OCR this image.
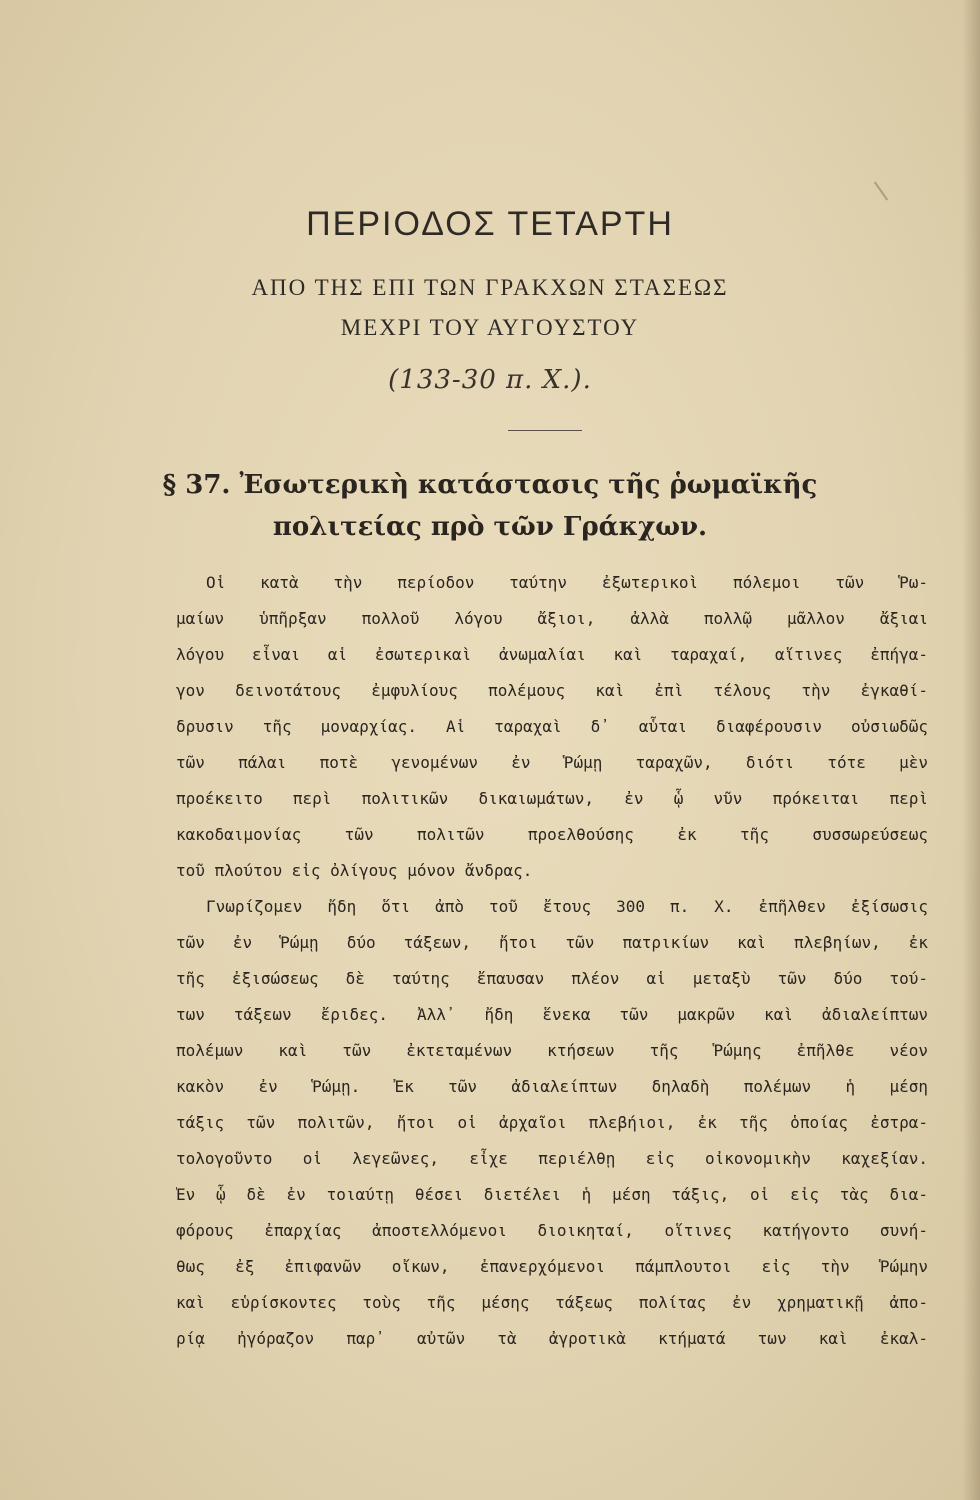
ΠΕΡΙΟΔΟΣ ΤΕΤΑΡΤΗ
ΑΠΟ ΤΗΣ ΕΠΙ ΤΩΝ ΓΡΑΚΧΩΝ ΣΤΑΣΕΩΣ
ΜΕΧΡΙ ΤΟΥ ΑΥΓΟΥΣΤΟΥ
(133-30 π. Χ.).
§ 37. Ἐσωτερικὴ κατάστασις τῆς ῥωμαϊκῆς
πολιτείας πρὸ τῶν Γράκχων.
Οἱ κατὰ τὴν περίοδον ταύτην ἐξωτερικοὶ πόλεμοι τῶν Ῥω-
μαίων ὑπῆρξαν πολλοῦ λόγου ἄξιοι, ἀλλὰ πολλῷ μᾶλλον ἄξιαι
λόγου εἶναι αἱ ἐσωτερικαὶ ἀνωμαλίαι καὶ ταραχαί, αἵτινες ἐπήγα-
γον δεινοτάτους ἐμφυλίους πολέμους καὶ ἐπὶ τέλους τὴν ἐγκαθί-
δρυσιν τῆς μοναρχίας. Αἱ ταραχαὶ δ᾿ αὗται διαφέρουσιν οὐσιωδῶς
τῶν πάλαι ποτὲ γενομένων ἐν Ῥώμῃ ταραχῶν, διότι τότε μὲν
προέκειτο περὶ πολιτικῶν δικαιωμάτων, ἐν ᾧ νῦν πρόκειται περὶ
κακοδαιμονίας τῶν πολιτῶν προελθούσης ἐκ τῆς συσσωρεύσεως
τοῦ πλούτου εἰς ὀλίγους μόνον ἄνδρας.
Γνωρίζομεν ἤδη ὅτι ἀπὸ τοῦ ἔτους 300 π. Χ. ἐπῆλθεν ἐξίσωσις
τῶν ἐν Ῥώμῃ δύο τάξεων, ἤτοι τῶν πατρικίων καὶ πλεβηίων, ἐκ
τῆς ἐξισώσεως δὲ ταύτης ἔπαυσαν πλέον αἱ μεταξὺ τῶν δύο τού-
των τάξεων ἔριδες. Ἀλλ᾿ ἤδη ἕνεκα τῶν μακρῶν καὶ ἀδιαλείπτων
πολέμων καὶ τῶν ἐκτεταμένων κτήσεων τῆς Ῥώμης ἐπῆλθε νέον
κακὸν ἐν Ῥώμῃ. Ἐκ τῶν ἀδιαλείπτων δηλαδὴ πολέμων ἡ μέση
τάξις τῶν πολιτῶν, ἤτοι οἱ ἀρχαῖοι πλεβήιοι, ἐκ τῆς ὁποίας ἐστρα-
τολογοῦντο οἱ λεγεῶνες, εἶχε περιέλθῃ εἰς οἰκονομικὴν καχεξίαν.
Ἐν ᾧ δὲ ἐν τοιαύτῃ θέσει διετέλει ἡ μέση τάξις, οἱ εἰς τὰς δια-
φόρους ἐπαρχίας ἀποστελλόμενοι διοικηταί, οἵτινες κατήγοντο συνή-
θως ἐξ ἐπιφανῶν οἴκων, ἐπανερχόμενοι πάμπλουτοι εἰς τὴν Ῥώμην
καὶ εὑρίσκοντες τοὺς τῆς μέσης τάξεως πολίτας ἐν χρηματικῇ ἀπο-
ρίᾳ ἠγόραζον παρ᾿ αὐτῶν τὰ ἀγροτικὰ κτήματά των καὶ ἐκαλ-
